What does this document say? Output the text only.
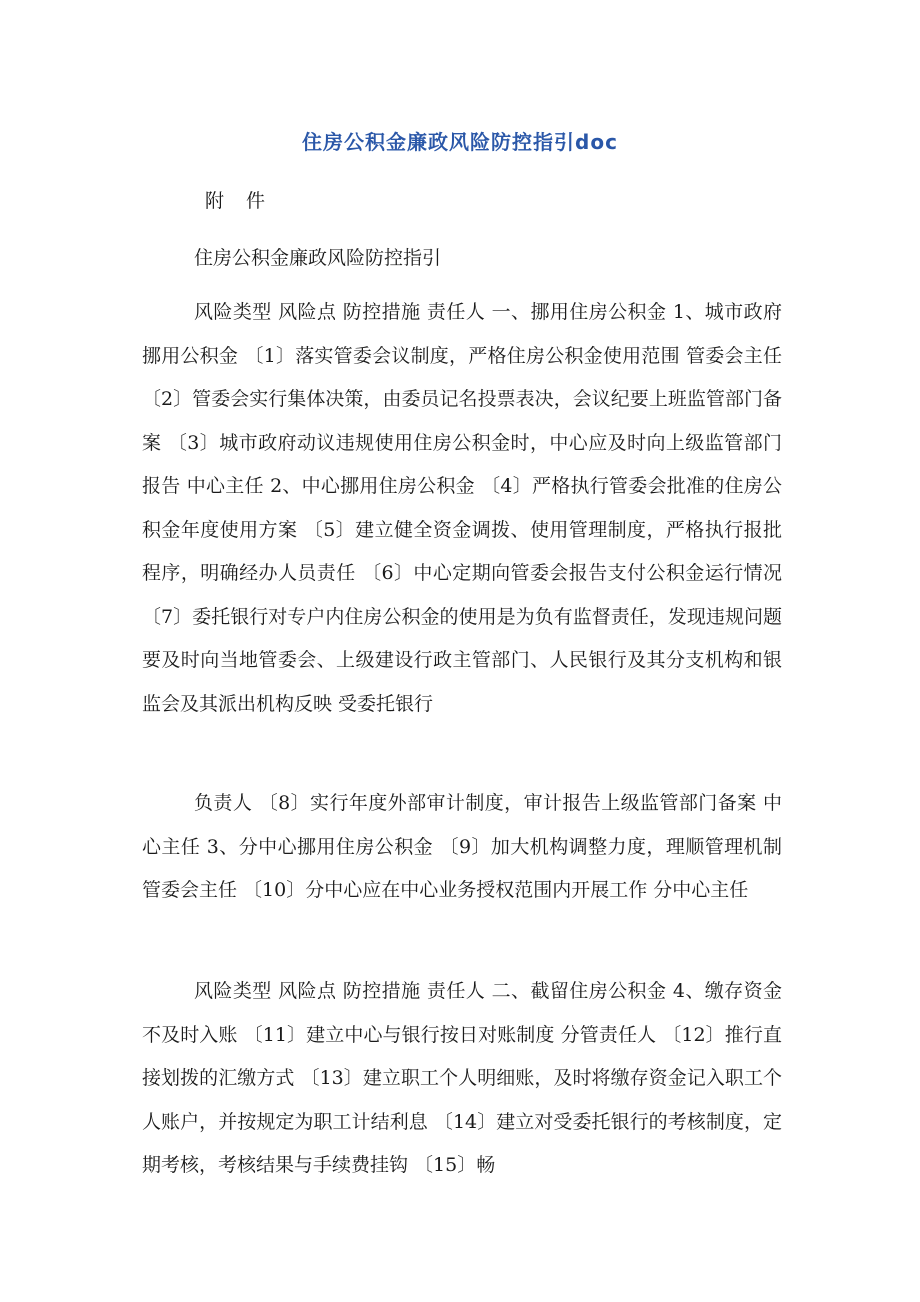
住房公积金廉政风险防控指引doc
附 件
住房公积金廉政风险防控指引

风险类型 风险点 防控措施 责任人 一、挪用住房公积金 1、城市政府挪用公积金 〔1〕落实管委会议制度，严格住房公积金使用范围 管委会主任 〔2〕管委会实行集体决策，由委员记名投票表决，会议纪要上班监管部门备案 〔3〕城市政府动议违规使用住房公积金时，中心应及时向上级监管部门报告 中心主任 2、中心挪用住房公积金 〔4〕严格执行管委会批准的住房公积金年度使用方案 〔5〕建立健全资金调拨、使用管理制度，严格执行报批程序，明确经办人员责任 〔6〕中心定期向管委会报告支付公积金运行情况 〔7〕委托银行对专户内住房公积金的使用是为负有监督责任，发现违规问题要及时向当地管委会、上级建设行政主管部门、人民银行及其分支机构和银监会及其派出机构反映 受委托银行

负责人 〔8〕实行年度外部审计制度，审计报告上级监管部门备案 中心主任 3、分中心挪用住房公积金 〔9〕加大机构调整力度，理顺管理机制 管委会主任 〔10〕分中心应在中心业务授权范围内开展工作 分中心主任

风险类型 风险点 防控措施 责任人 二、截留住房公积金 4、缴存资金不及时入账 〔11〕建立中心与银行按日对账制度 分管责任人 〔12〕推行直接划拨的汇缴方式 〔13〕建立职工个人明细账，及时将缴存资金记入职工个人账户，并按规定为职工计结利息 〔14〕建立对受委托银行的考核制度，定期考核，考核结果与手续费挂钩 〔15〕畅
